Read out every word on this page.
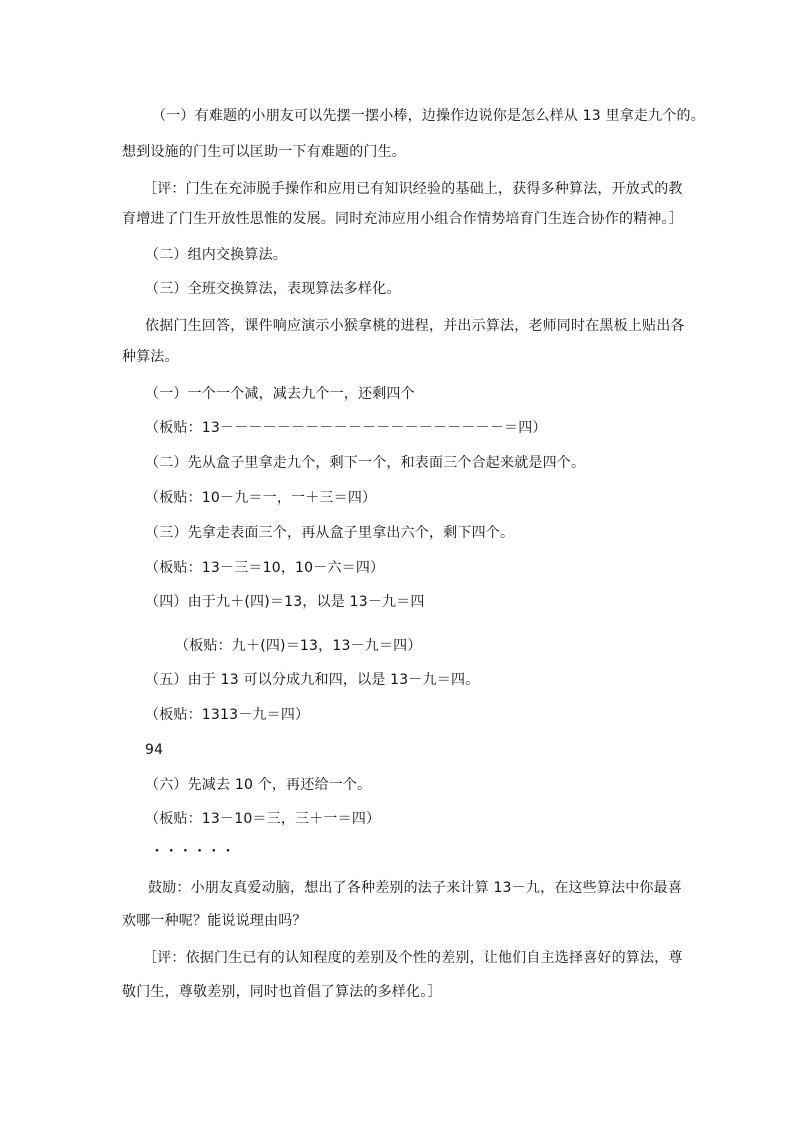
（一）有难题的小朋友可以先摆一摆小棒，边操作边说你是怎么样从 13 里拿走九个的。
想到设施的门生可以匡助一下有难题的门生。
［评：门生在充沛脱手操作和应用已有知识经验的基础上，获得多种算法，开放式的教
育增进了门生开放性思惟的发展。同时充沛应用小组合作情势培育门生连合协作的精神。］
（二）组内交换算法。
（三）全班交换算法，表现算法多样化。
依据门生回答，课件响应演示小猴拿桃的进程，并出示算法，老师同时在黑板上贴出各
种算法。
（一）一个一个减，减去九个一，还剩四个
（板贴：13－－－－－－－－－－－－－－－－－－－－＝四）
（二）先从盒子里拿走九个，剩下一个，和表面三个合起来就是四个。
（板贴：10－九＝一，一＋三＝四）
（三）先拿走表面三个，再从盒子里拿出六个，剩下四个。
（板贴：13－三＝10，10－六＝四）
（四）由于九＋(四)＝13，以是 13－九＝四
（板贴：九＋(四)＝13，13－九＝四）
（五）由于 13 可以分成九和四，以是 13－九＝四。
（板贴：1313－九＝四）
94
（六）先减去 10 个，再还给一个。
（板贴：13－10＝三，三＋一＝四）
・・・・・・
鼓励：小朋友真爱动脑，想出了各种差别的法子来计算 13－九，在这些算法中你最喜
欢哪一种呢？能说说理由吗？
［评：依据门生已有的认知程度的差别及个性的差别，让他们自主选择喜好的算法，尊
敬门生，尊敬差别，同时也首倡了算法的多样化。］
